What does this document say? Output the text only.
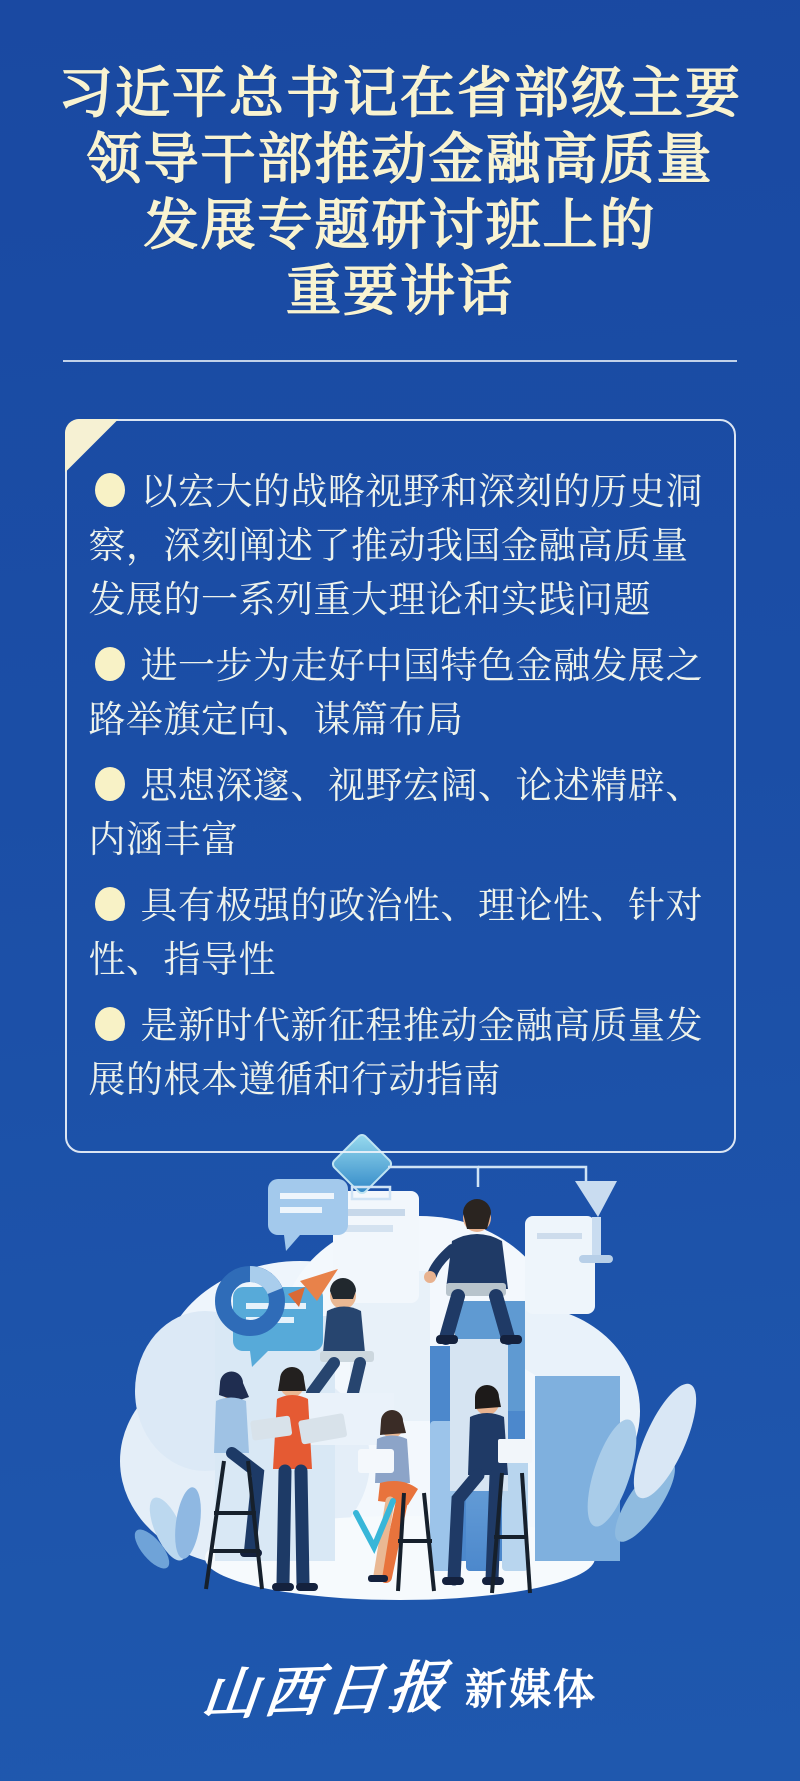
习近平总书记在省部级主要
领导干部推动金融高质量
发展专题研讨班上的
重要讲话

以宏大的战略视野和深刻的历史洞察，深刻阐述了推动我国金融高质量发展的一系列重大理论和实践问题

进一步为走好中国特色金融发展之路举旗定向、谋篇布局

思想深邃、视野宏阔、论述精辟、内涵丰富

具有极强的政治性、理论性、针对性、指导性

是新时代新征程推动金融高质量发展的根本遵循和行动指南

山西日报 新媒体
